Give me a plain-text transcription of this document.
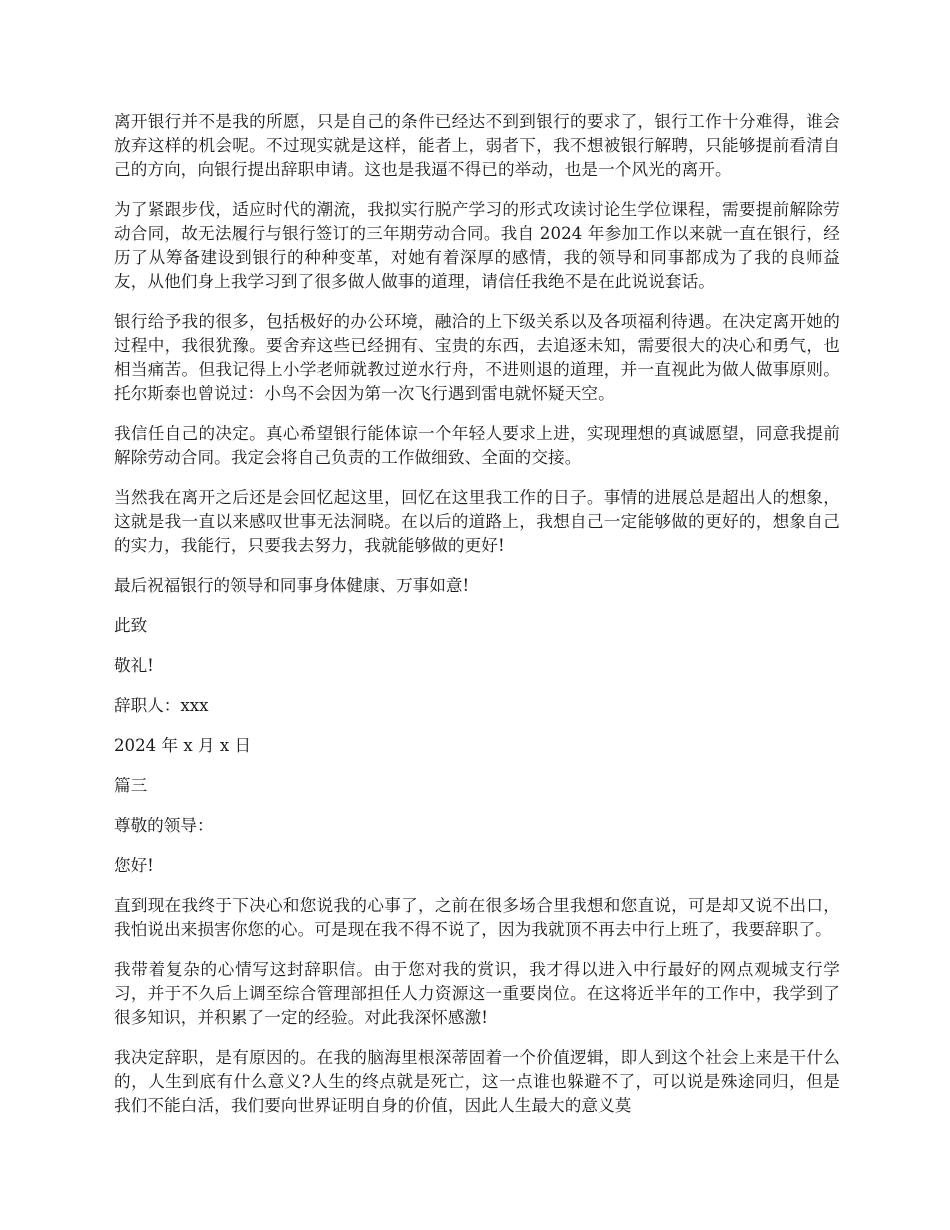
离开银行并不是我的所愿，只是自己的条件已经达不到到银行的要求了，银行工作十分难得，谁会放弃这样的机会呢。不过现实就是这样，能者上，弱者下，我不想被银行解聘，只能够提前看清自己的方向，向银行提出辞职申请。这也是我逼不得已的举动，也是一个风光的离开。

为了紧跟步伐，适应时代的潮流，我拟实行脱产学习的形式攻读讨论生学位课程，需要提前解除劳动合同，故无法履行与银行签订的三年期劳动合同。我自 2024 年参加工作以来就一直在银行，经历了从筹备建设到银行的种种变革，对她有着深厚的感情，我的领导和同事都成为了我的良师益友，从他们身上我学习到了很多做人做事的道理，请信任我绝不是在此说说套话。

银行给予我的很多，包括极好的办公环境，融洽的上下级关系以及各项福利待遇。在决定离开她的过程中，我很犹豫。要舍弃这些已经拥有、宝贵的东西，去追逐未知，需要很大的决心和勇气，也相当痛苦。但我记得上小学老师就教过逆水行舟，不进则退的道理，并一直视此为做人做事原则。托尔斯泰也曾说过：小鸟不会因为第一次飞行遇到雷电就怀疑天空。

我信任自己的决定。真心希望银行能体谅一个年轻人要求上进，实现理想的真诚愿望，同意我提前解除劳动合同。我定会将自己负责的工作做细致、全面的交接。

当然我在离开之后还是会回忆起这里，回忆在这里我工作的日子。事情的进展总是超出人的想象，这就是我一直以来感叹世事无法洞晓。在以后的道路上，我想自己一定能够做的更好的，想象自己的实力，我能行，只要我去努力，我就能够做的更好!

最后祝福银行的领导和同事身体健康、万事如意!

此致

敬礼!

辞职人：xxx

2024 年 x 月 x 日

篇三

尊敬的领导：

您好!

直到现在我终于下决心和您说我的心事了，之前在很多场合里我想和您直说，可是却又说不出口，我怕说出来损害你您的心。可是现在我不得不说了，因为我就顶不再去中行上班了，我要辞职了。

我带着复杂的心情写这封辞职信。由于您对我的赏识，我才得以进入中行最好的网点观城支行学习，并于不久后上调至综合管理部担任人力资源这一重要岗位。在这将近半年的工作中，我学到了很多知识，并积累了一定的经验。对此我深怀感激!

我决定辞职，是有原因的。在我的脑海里根深蒂固着一个价值逻辑，即人到这个社会上来是干什么的，人生到底有什么意义?人生的终点就是死亡，这一点谁也躲避不了，可以说是殊途同归，但是我们不能白活，我们要向世界证明自身的价值，因此人生最大的意义莫
